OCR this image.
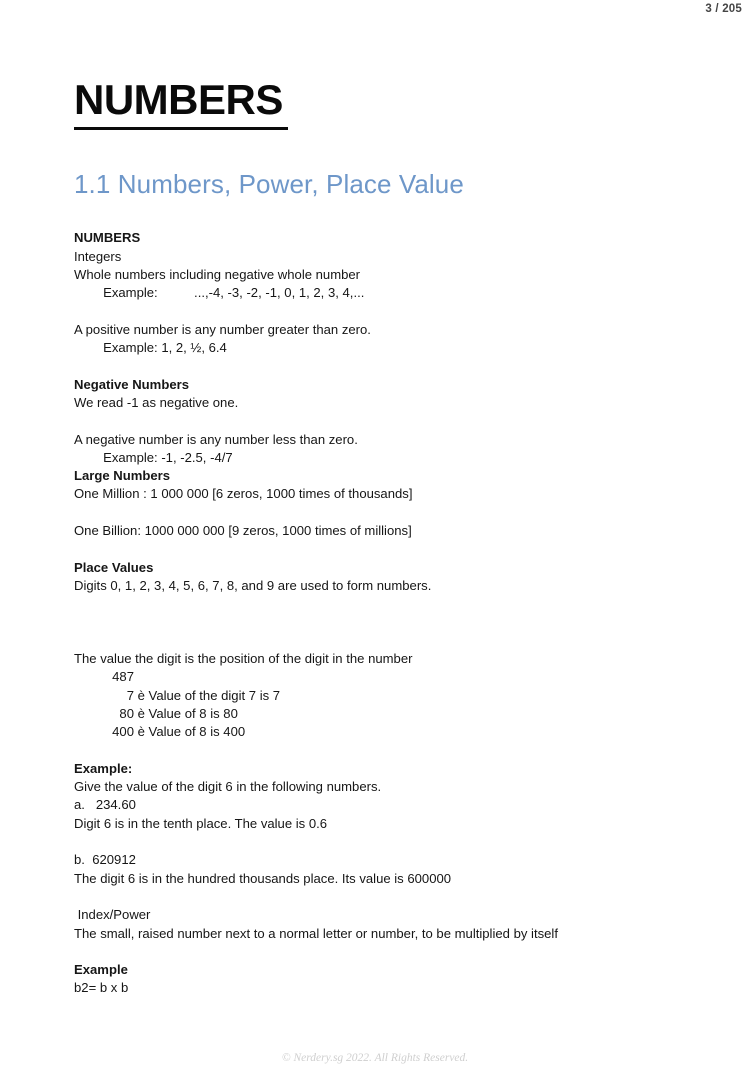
3 / 205
NUMBERS
1.1 Numbers, Power, Place Value
NUMBERS
Integers
Whole numbers including negative whole number
Example:          ...,-4, -3, -2, -1, 0, 1, 2, 3, 4,...
A positive number is any number greater than zero.
Example: 1, 2, ½, 6.4
Negative Numbers
We read -1 as negative one.
A negative number is any number less than zero.
Example: -1, -2.5, -4/7
Large Numbers
One Million : 1 000 000 [6 zeros, 1000 times of thousands]
One Billion: 1000 000 000 [9 zeros, 1000 times of millions]
Place Values
Digits 0, 1, 2, 3, 4, 5, 6, 7, 8, and 9 are used to form numbers.
The value the digit is the position of the digit in the number
487
7 è Value of the digit 7 is 7
80 è Value of 8 is 80
400 è Value of 8 is 400
Example:
Give the value of the digit 6 in the following numbers.
a.   234.60
Digit 6 is in the tenth place. The value is 0.6
b.  620912
The digit 6 is in the hundred thousands place. Its value is 600000
Index/Power
The small, raised number next to a normal letter or number, to be multiplied by itself
Example
b2= b x b
© Nerdery.sg 2022. All Rights Reserved.
